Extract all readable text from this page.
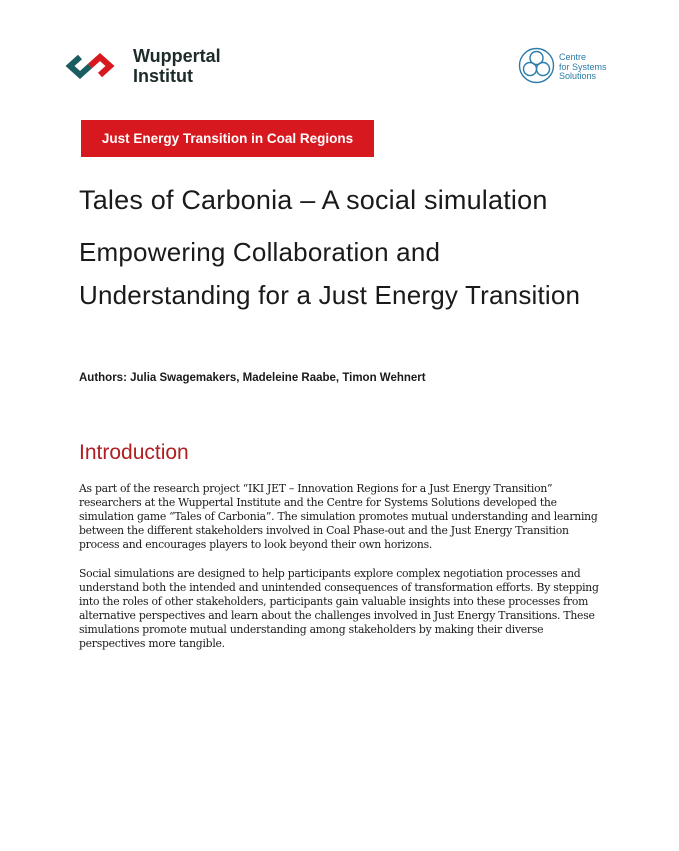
Wuppertal
Institut
Centre
for Systems
Solutions
Just Energy Transition in Coal Regions
Tales of Carbonia – A social simulation
Empowering Collaboration and Understanding for a Just Energy Transition
Authors: Julia Swagemakers, Madeleine Raabe, Timon Wehnert
Introduction

As part of the research project “IKI JET – Innovation Regions for a Just Energy Transition” researchers at the Wuppertal Institute and the Centre for Systems Solutions developed the simulation game “Tales of Carbonia”. The simulation promotes mutual understanding and learning between the different stakeholders involved in Coal Phase-out and the Just Energy Transition process and encourages players to look beyond their own horizons.

Social simulations are designed to help participants explore complex negotiation processes and understand both the intended and unintended consequences of transformation efforts. By stepping into the roles of other stakeholders, participants gain valuable insights into these processes from alternative perspectives and learn about the challenges involved in Just Energy Transitions. These simulations promote mutual understanding among stakeholders by making their diverse perspectives more tangible.
